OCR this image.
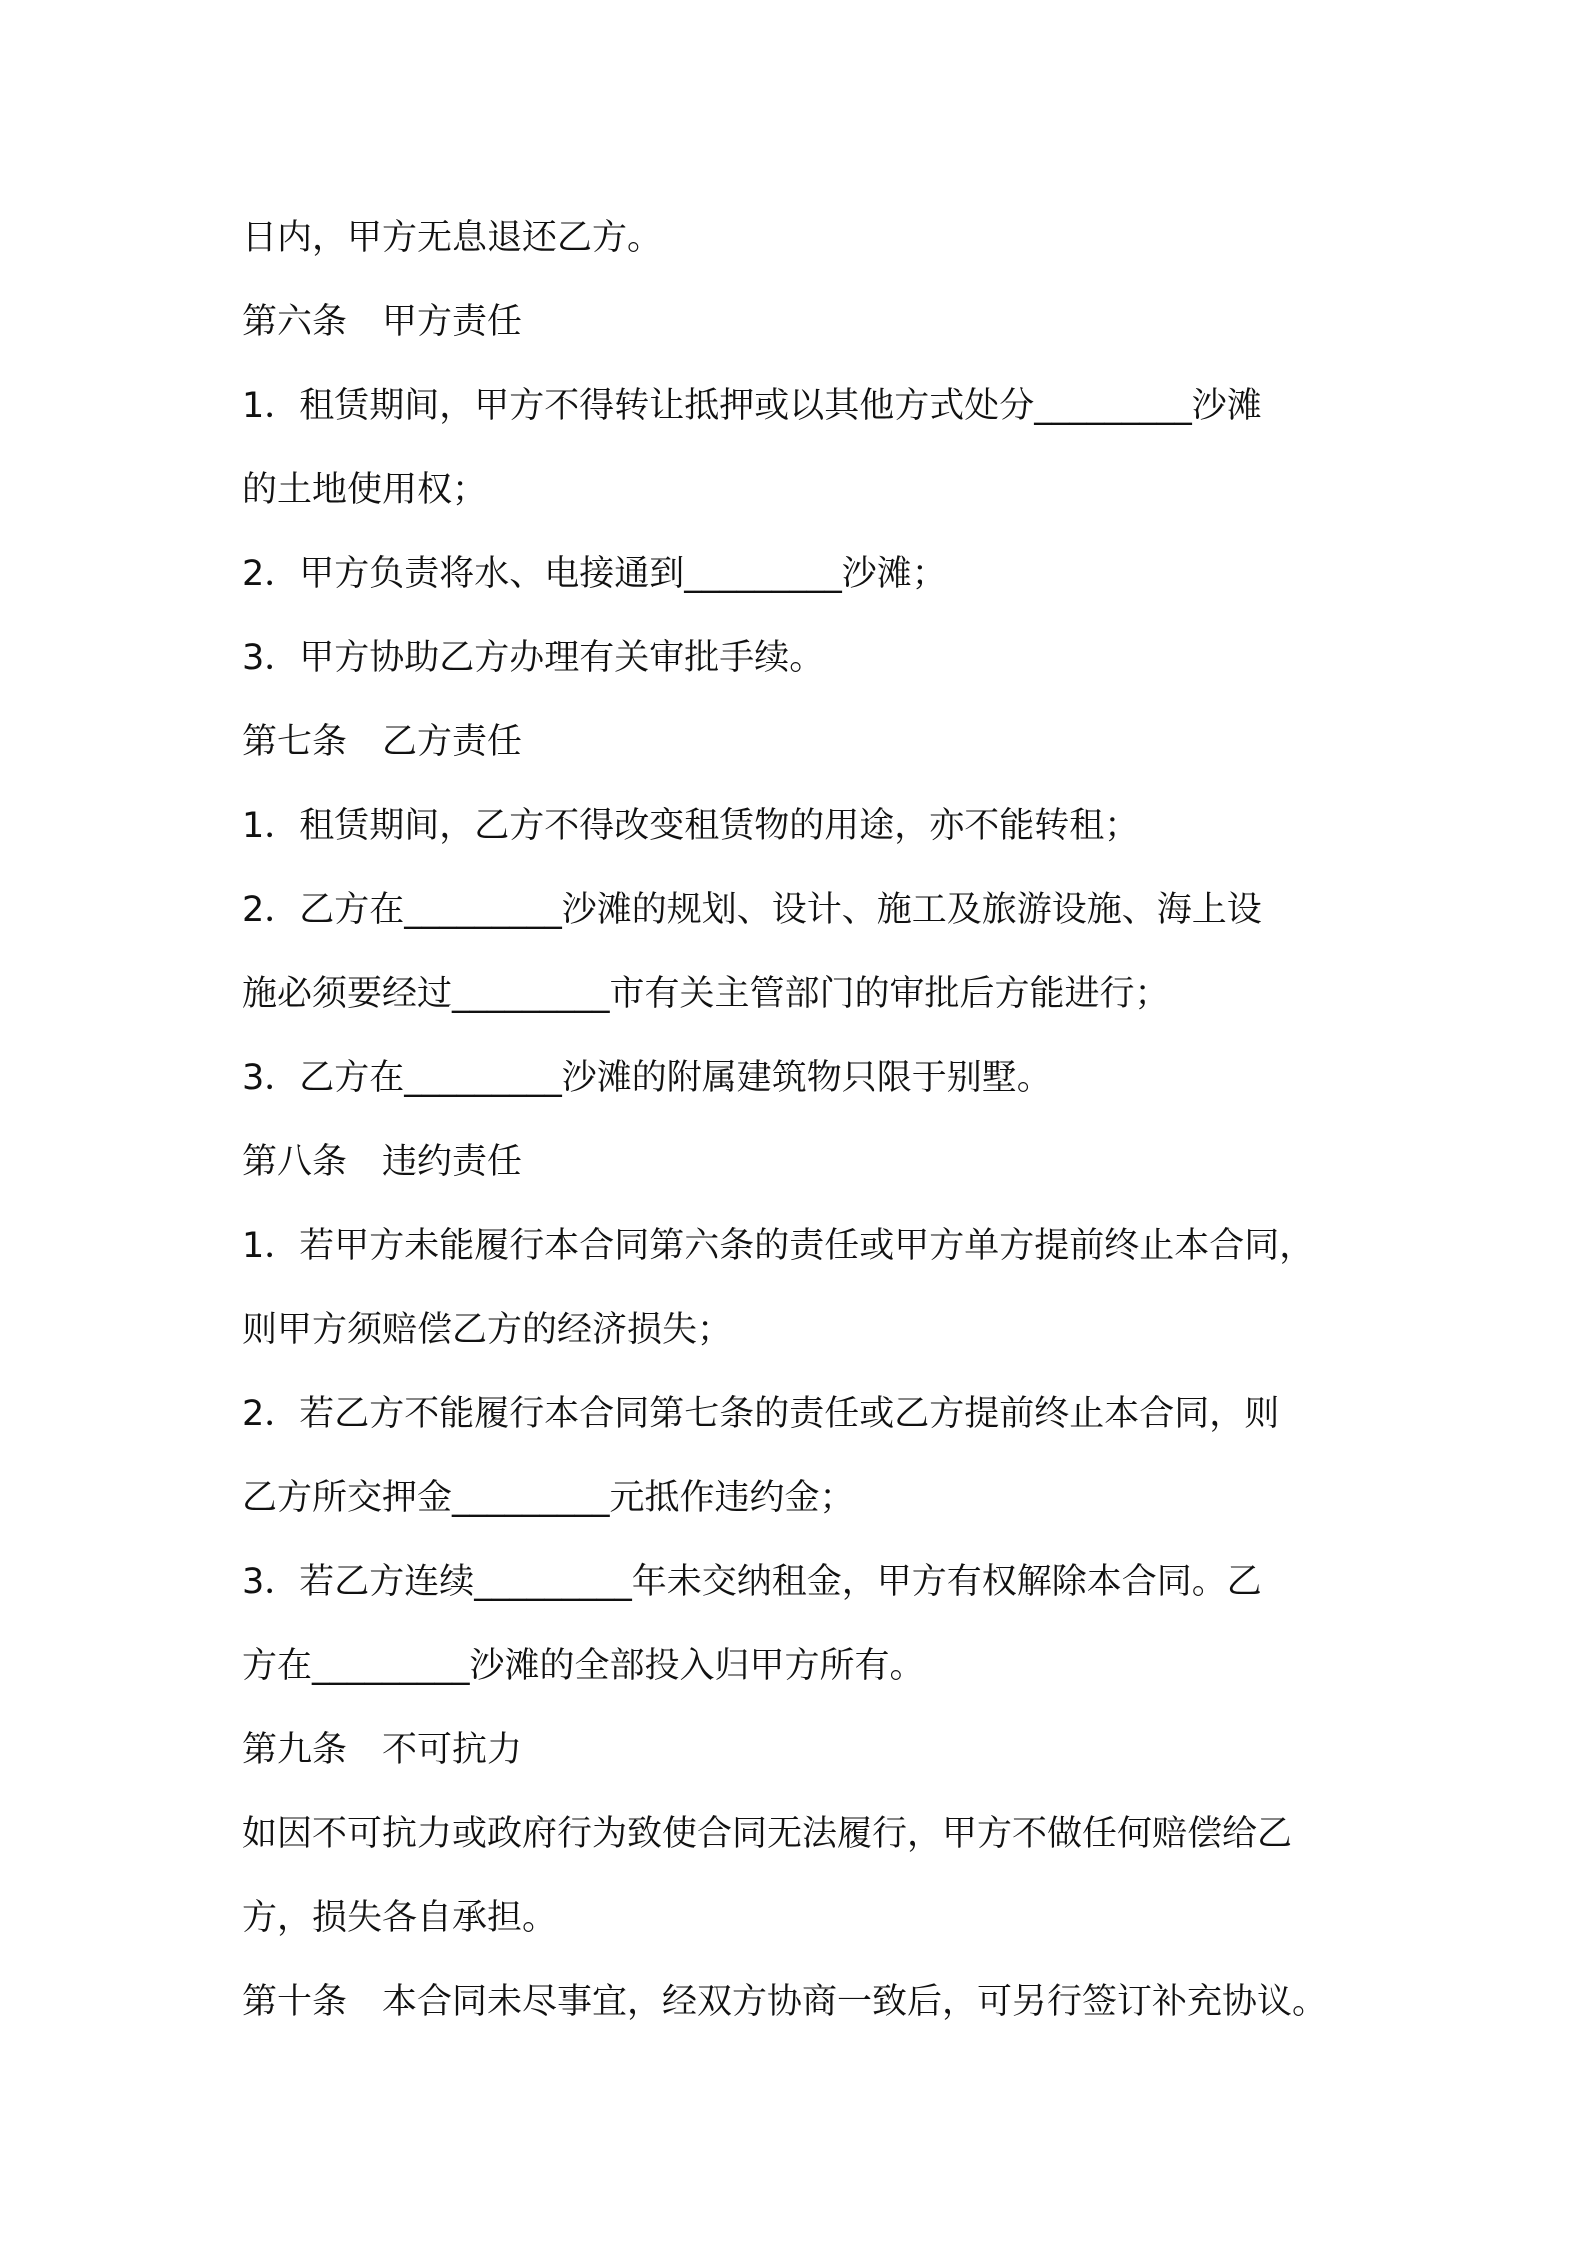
日内，甲方无息退还乙方。
第六条　甲方责任
1．租赁期间，甲方不得转让抵押或以其他方式处分_________沙滩
的土地使用权；
2．甲方负责将水、电接通到_________沙滩；
3．甲方协助乙方办理有关审批手续。
第七条　乙方责任
1．租赁期间，乙方不得改变租赁物的用途，亦不能转租；
2．乙方在_________沙滩的规划、设计、施工及旅游设施、海上设
施必须要经过_________市有关主管部门的审批后方能进行；
3．乙方在_________沙滩的附属建筑物只限于别墅。
第八条　违约责任
1．若甲方未能履行本合同第六条的责任或甲方单方提前终止本合同，
则甲方须赔偿乙方的经济损失；
2．若乙方不能履行本合同第七条的责任或乙方提前终止本合同，则
乙方所交押金_________元抵作违约金；
3．若乙方连续_________年未交纳租金，甲方有权解除本合同。乙
方在_________沙滩的全部投入归甲方所有。
第九条　不可抗力
如因不可抗力或政府行为致使合同无法履行，甲方不做任何赔偿给乙
方，损失各自承担。
第十条　本合同未尽事宜，经双方协商一致后，可另行签订补充协议。
